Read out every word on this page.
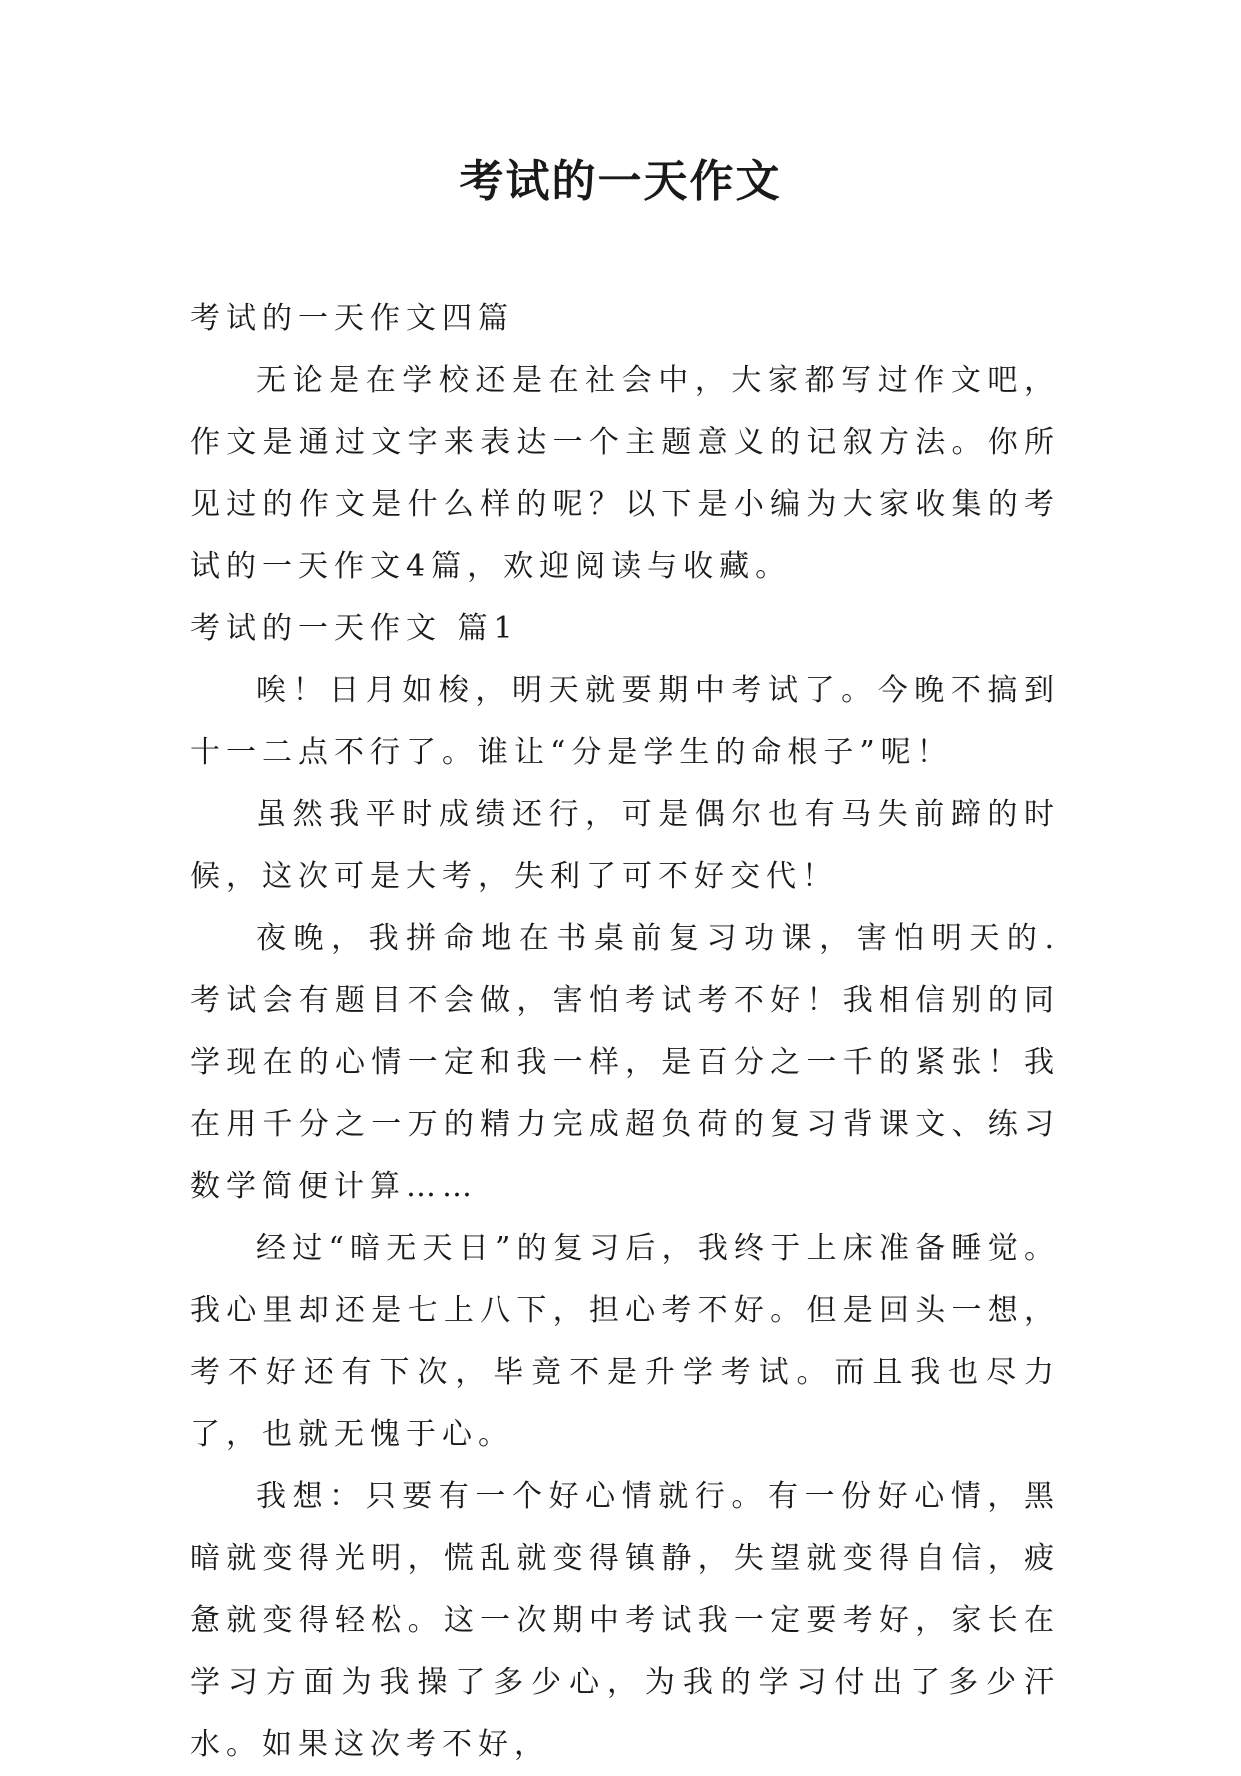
考试的一天作文

考试的一天作文四篇

无论是在学校还是在社会中，大家都写过作文吧，作文是通过文字来表达一个主题意义的记叙方法。你所见过的作文是什么样的呢？以下是小编为大家收集的考试的一天作文4篇，欢迎阅读与收藏。

考试的一天作文 篇1

唉！日月如梭，明天就要期中考试了。今晚不搞到十一二点不行了。谁让“分是学生的命根子”呢！

虽然我平时成绩还行，可是偶尔也有马失前蹄的时候，这次可是大考，失利了可不好交代！

夜晚，我拼命地在书桌前复习功课，害怕明天的.考试会有题目不会做，害怕考试考不好！我相信别的同学现在的心情一定和我一样，是百分之一千的紧张！我在用千分之一万的精力完成超负荷的复习背课文、练习数学简便计算……

经过“暗无天日”的复习后，我终于上床准备睡觉。我心里却还是七上八下，担心考不好。但是回头一想，考不好还有下次，毕竟不是升学考试。而且我也尽力了，也就无愧于心。

我想：只要有一个好心情就行。有一份好心情，黑暗就变得光明，慌乱就变得镇静，失望就变得自信，疲惫就变得轻松。这一次期中考试我一定要考好，家长在学习方面为我操了多少心，为我的学习付出了多少汗水。如果这次考不好，
